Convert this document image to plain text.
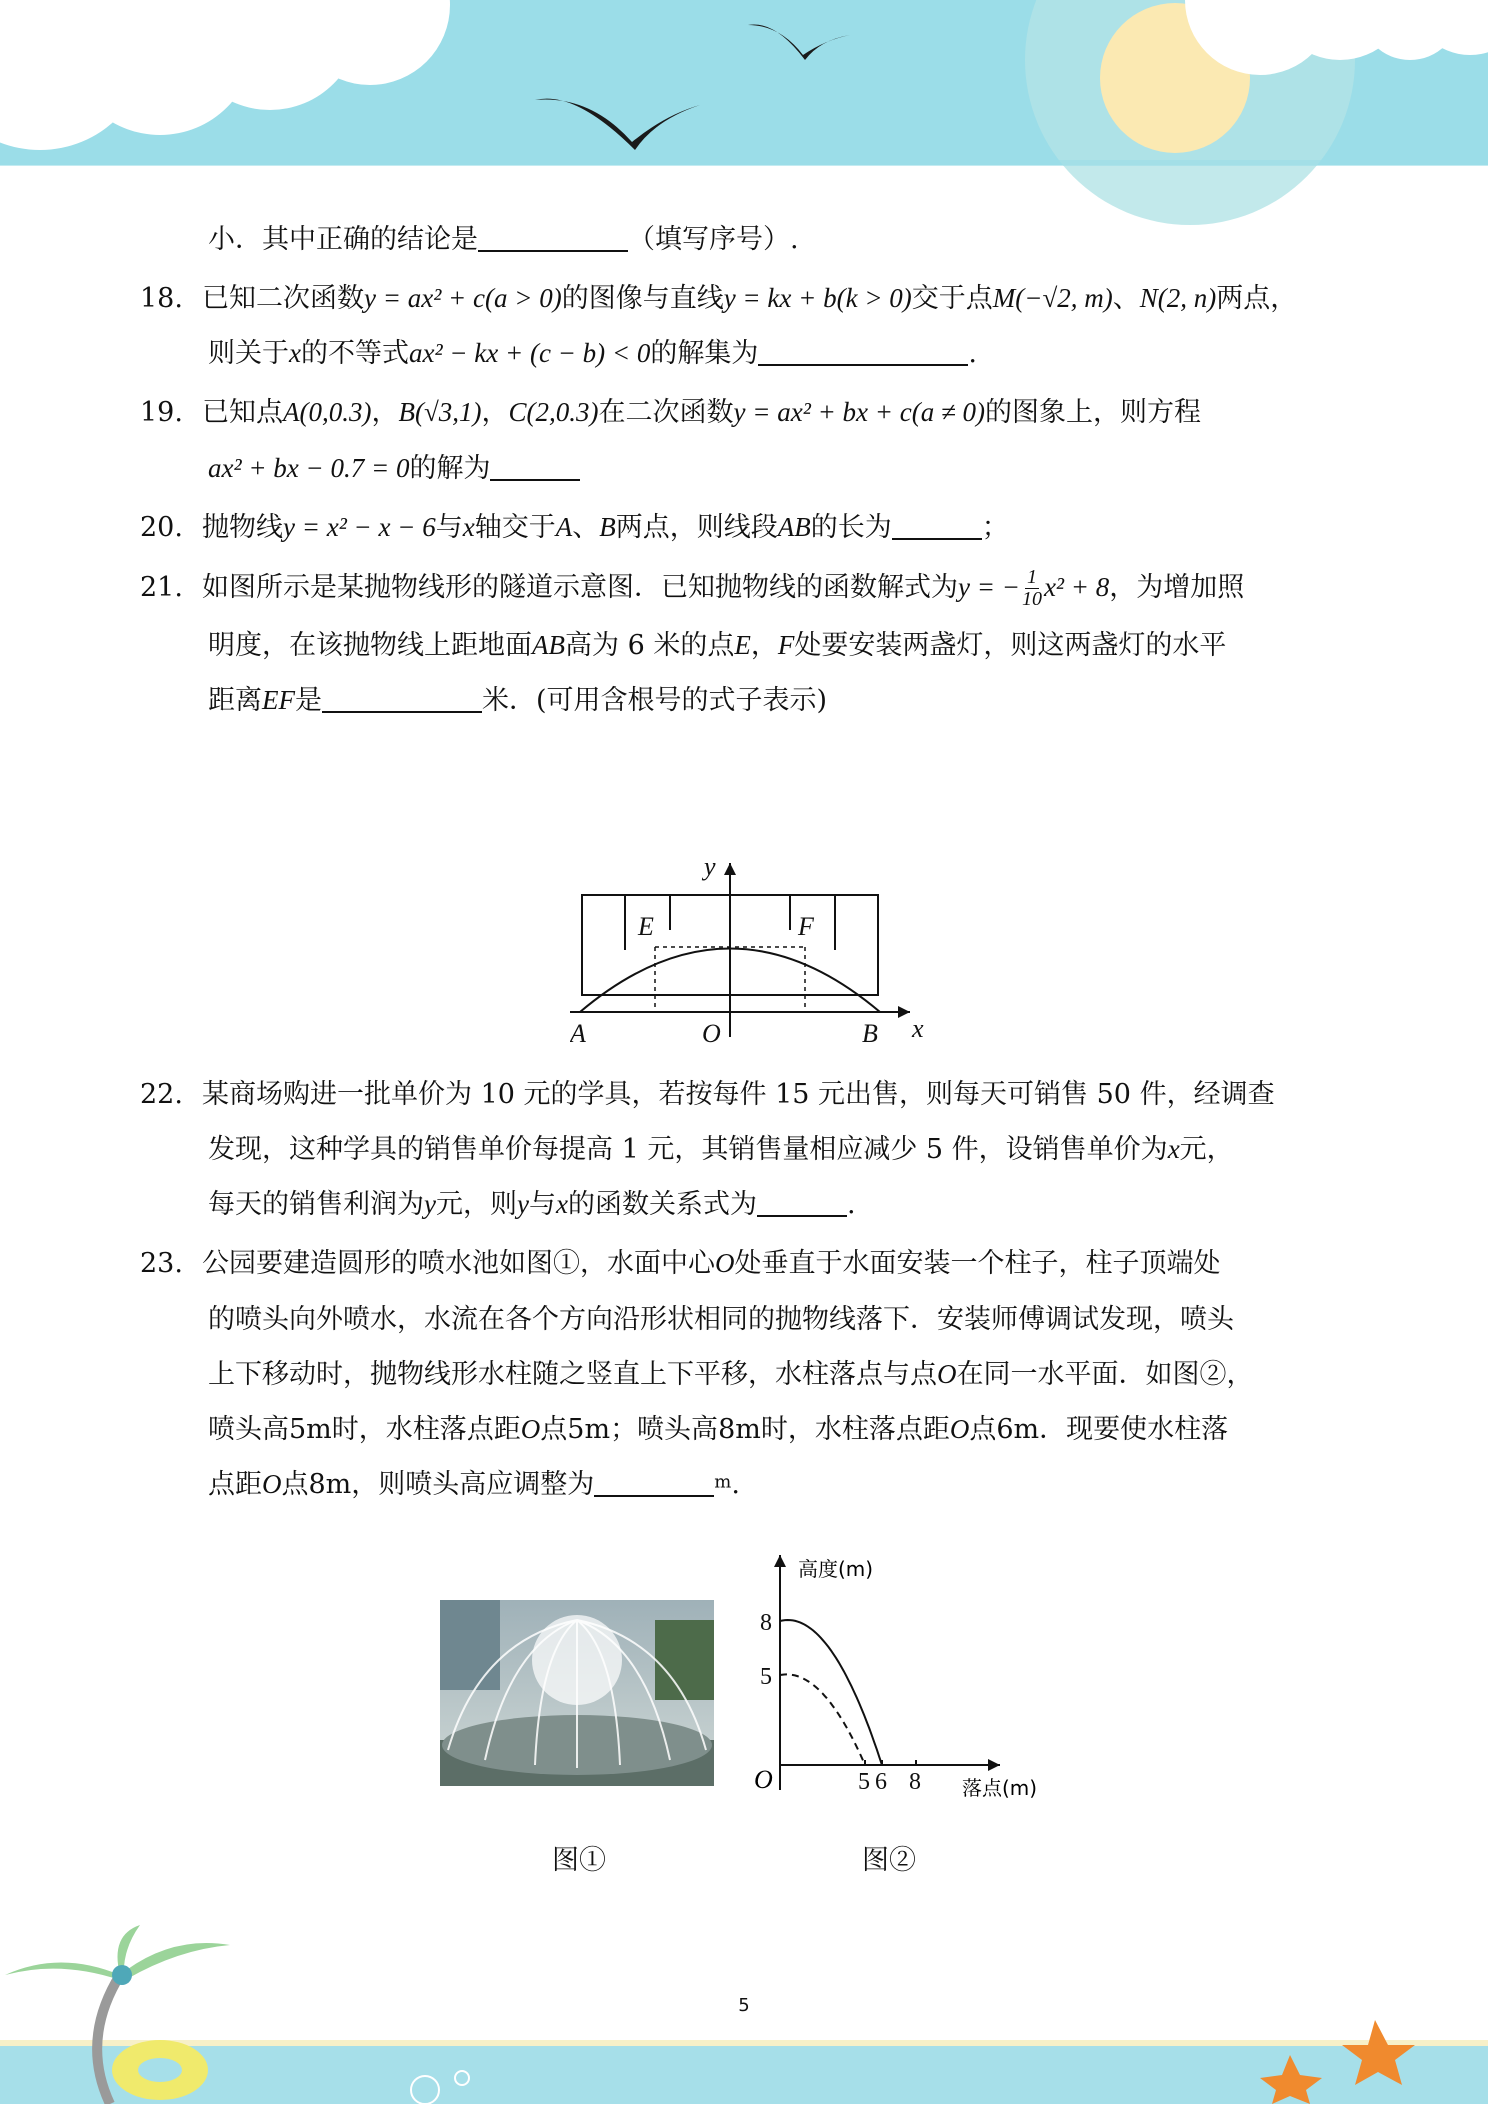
小．其中正确的结论是	（填写序号）.

18. 已知二次函数y = ax² + c(a > 0)的图像与直线y = kx + b(k > 0)交于点M(−√2, m)、N(2, n)两点，

则关于x的不等式ax² − kx + (c − b) < 0的解集为	.

19. 已知点A(0,0.3)，B(√3,1)，C(2,0.3)在二次函数y = ax² + bx + c(a ≠ 0)的图象上，则方程

ax² + bx − 0.7 = 0的解为

20. 抛物线y = x² − x − 6与x轴交于A、B两点，则线段AB的长为	；

21. 如图所示是某抛物线形的隧道示意图．已知抛物线的函数解式为y = − $\frac{1}{10} x^2 + 8$，为增加照

明度，在该抛物线上距地面AB高为 6 米的点E，F处要安装两盏灯，则这两盏灯的水平

距离EF是	米．(可用含根号的式子表示)

y
x
E	F
A	O	B

22. 某商场购进一批单价为 10 元的学具，若按每件 15 元出售，则每天可销售 50 件，经调查

发现，这种学具的销售单价每提高 1 元，其销售量相应减少 5 件，设销售单价为x元，

每天的销售利润为y元，则y与x的函数关系式为	.

23. 公园要建造圆形的喷水池如图①，水面中心O处垂直于水面安装一个柱子，柱子顶端处

的喷头向外喷水，水流在各个方向沿形状相同的抛物线落下．安装师傅调试发现，喷头

上下移动时，抛物线形水柱随之竖直上下平移，水柱落点与点O在同一水平面．如图②，

喷头高5m时，水柱落点距O点5m；喷头高8m时，水柱落点距O点6m．现要使水柱落

点距O点8m，则喷头高应调整为	$^m$.

8
5
5 6 8
高度(m)
落点(m)
O
图①	图②
5
